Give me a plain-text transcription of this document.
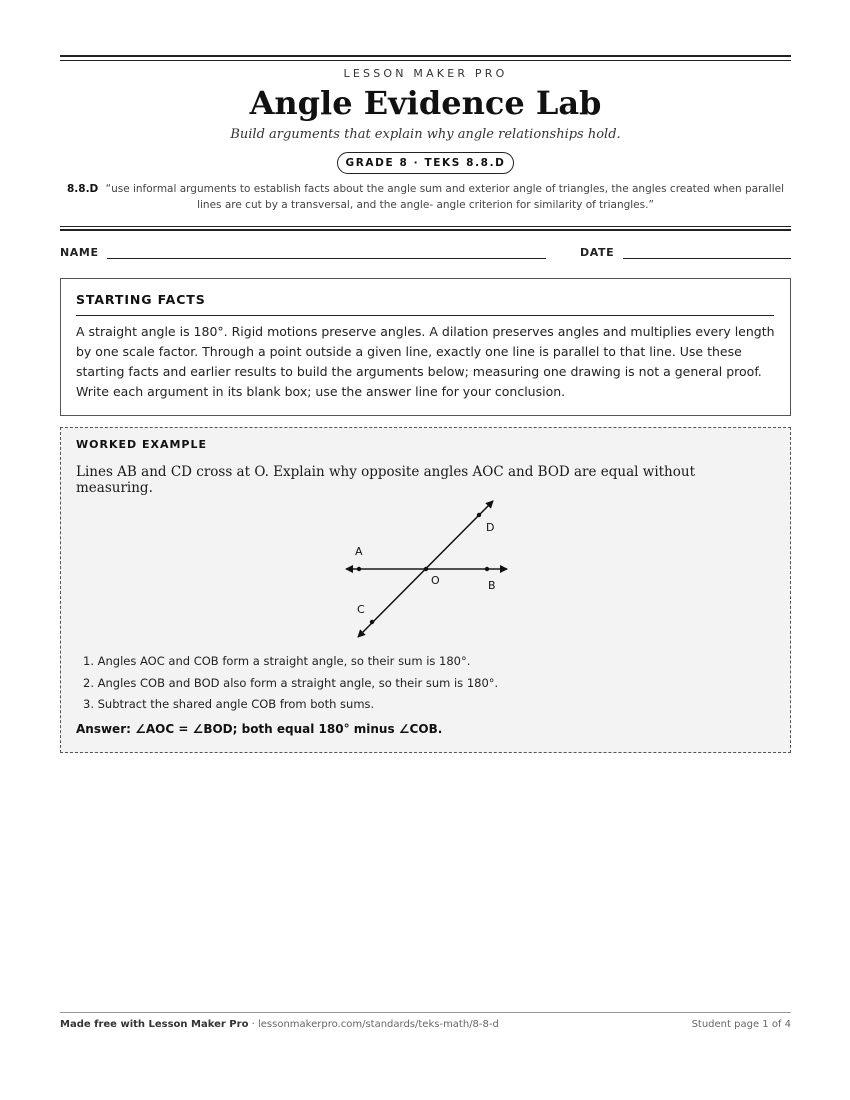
LESSON MAKER PRO
Angle Evidence Lab
Build arguments that explain why angle relationships hold.
GRADE 8 · TEKS 8.8.D
8.8.D “use informal arguments to establish facts about the angle sum and exterior angle of triangles, the angles created when parallel lines are cut by a transversal, and the angle- angle criterion for similarity of triangles.”
NAME	DATE
STARTING FACTS
A straight angle is 180°. Rigid motions preserve angles. A dilation preserves angles and multiplies every length by one scale factor. Through a point outside a given line, exactly one line is parallel to that line. Use these starting facts and earlier results to build the arguments below; measuring one drawing is not a general proof. Write each argument in its blank box; use the answer line for your conclusion.
WORKED EXAMPLE
Lines AB and CD cross at O. Explain why opposite angles AOC and BOD are equal without measuring.
A
B
C
D
O
1. Angles AOC and COB form a straight angle, so their sum is 180°.
2. Angles COB and BOD also form a straight angle, so their sum is 180°.
3. Subtract the shared angle COB from both sums.
Answer: ∠AOC = ∠BOD; both equal 180° minus ∠COB.
Made free with Lesson Maker Pro · lessonmakerpro.com/standards/teks-math/8-8-d	Student page 1 of 4
